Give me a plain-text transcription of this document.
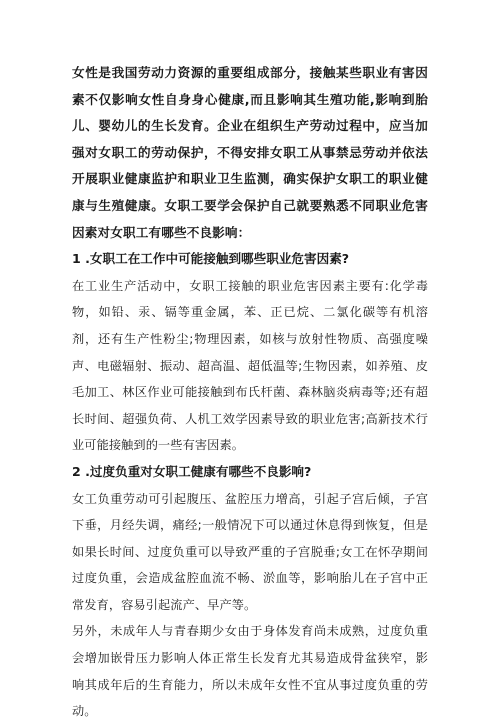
女性是我国劳动力资源的重要组成部分，接触某些职业有害因素不仅影响女性自身身心健康,而且影响其生殖功能,影响到胎儿、婴幼儿的生长发育。企业在组织生产劳动过程中，应当加强对女职工的劳动保护，不得安排女职工从事禁忌劳动并依法开展职业健康监护和职业卫生监测，确实保护女职工的职业健康与生殖健康。女职工要学会保护自己就要熟悉不同职业危害因素对女职工有哪些不良影响：

1 .女职工在工作中可能接触到哪些职业危害因素?

在工业生产活动中，女职工接触的职业危害因素主要有:化学毒物，如铅、汞、镉等重金属，苯、正已烷、二氯化碳等有机溶剂，还有生产性粉尘;物理因素，如核与放射性物质、高强度噪声、电磁辐射、振动、超高温、超低温等;生物因素，如养殖、皮毛加工、林区作业可能接触到布氏杆菌、森林脑炎病毒等;还有超长时间、超强负荷、人机工效学因素导致的职业危害;高新技术行业可能接触到的一些有害因素。

2 .过度负重对女职工健康有哪些不良影响?

女工负重劳动可引起腹压、盆腔压力增高，引起子宫后倾，子宫下垂，月经失调，痛经;一般情况下可以通过休息得到恢复，但是如果长时间、过度负重可以导致严重的子宫脱垂;女工在怀孕期间过度负重，会造成盆腔血流不畅、淤血等，影响胎儿在子宫中正常发育，容易引起流产、早产等。

另外，未成年人与青春期少女由于身体发育尚未成熟，过度负重会增加嵌骨压力影响人体正常生长发育尤其易造成骨盆狭窄，影响其成年后的生育能力，所以未成年女性不宜从事过度负重的劳动。
